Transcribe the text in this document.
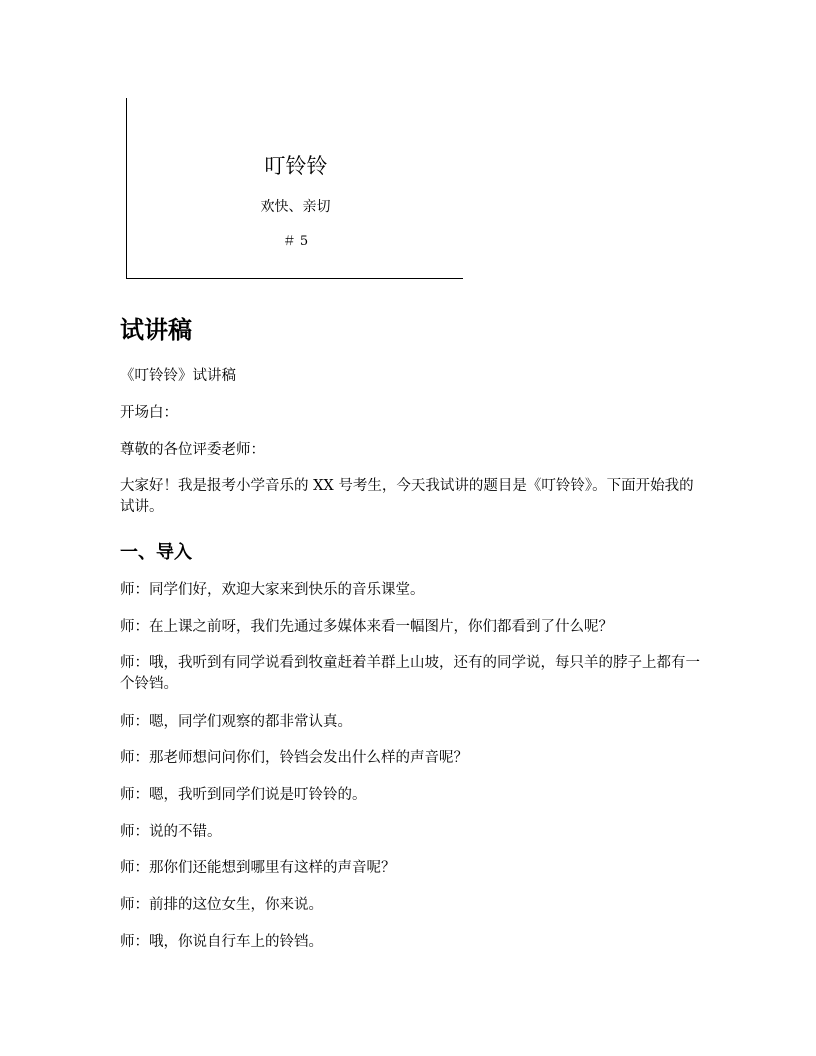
叮铃铃
欢快、亲切
＃ 5
试讲稿

《叮铃铃》试讲稿

开场白：

尊敬的各位评委老师：

大家好！我是报考小学音乐的 XX 号考生，今天我试讲的题目是《叮铃铃》。下面开始我的试讲。

一、导入

师：同学们好，欢迎大家来到快乐的音乐课堂。

师：在上课之前呀，我们先通过多媒体来看一幅图片，你们都看到了什么呢？

师：哦，我听到有同学说看到牧童赶着羊群上山坡，还有的同学说，每只羊的脖子上都有一个铃铛。

师：嗯，同学们观察的都非常认真。

师：那老师想问问你们，铃铛会发出什么样的声音呢？

师：嗯，我听到同学们说是叮铃铃的。

师：说的不错。

师：那你们还能想到哪里有这样的声音呢？

师：前排的这位女生，你来说。

师：哦，你说自行车上的铃铛。
